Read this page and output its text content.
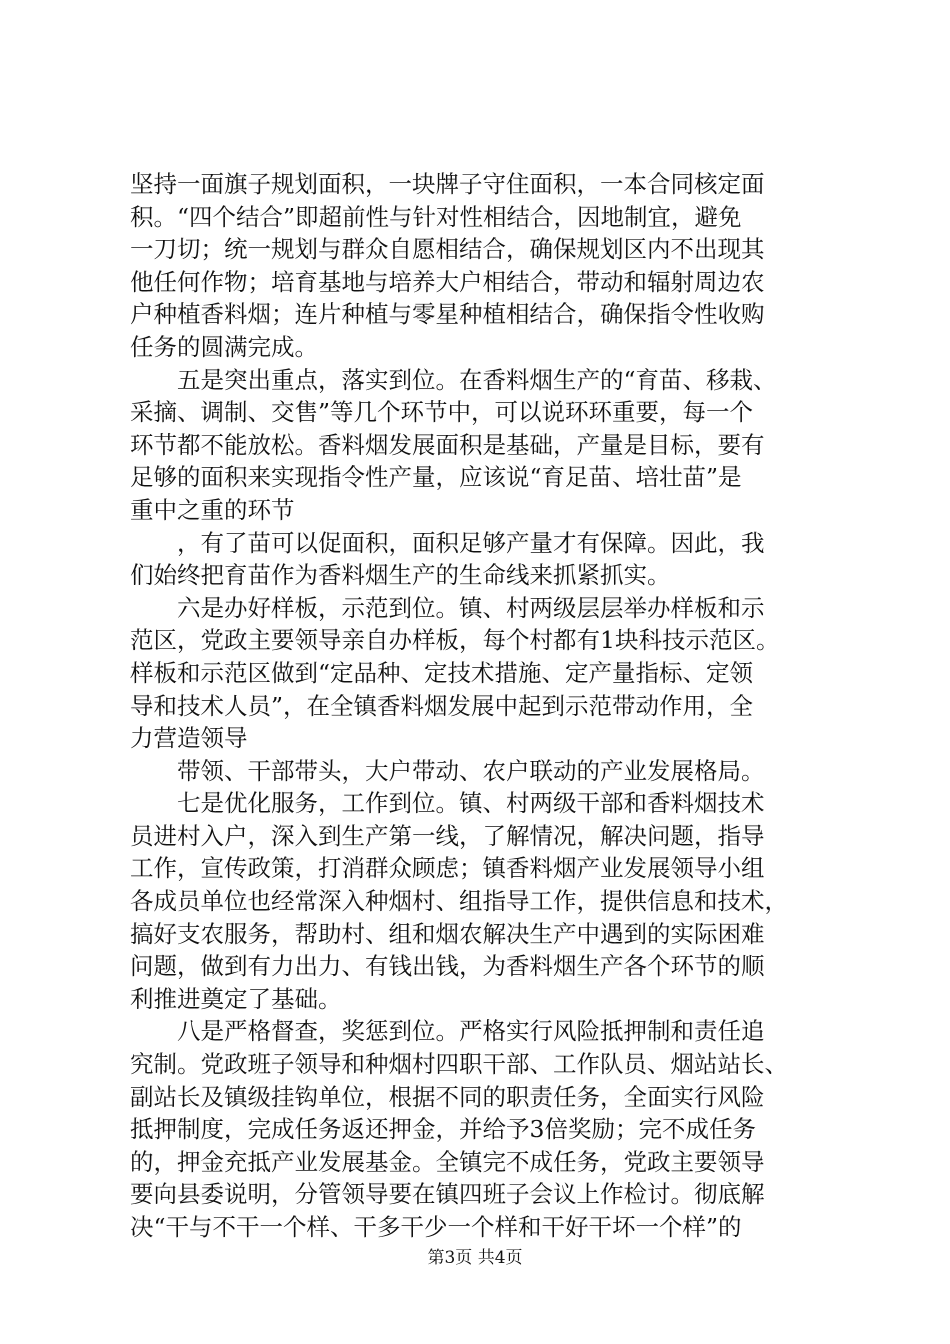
坚持一面旗子规划面积，一块牌子守住面积，一本合同核定面
积。“四个结合”即超前性与针对性相结合，因地制宜，避免
一刀切；统一规划与群众自愿相结合，确保规划区内不出现其
他任何作物；培育基地与培养大户相结合，带动和辐射周边农
户种植香料烟；连片种植与零星种植相结合，确保指令性收购
任务的圆满完成。
五是突出重点，落实到位。在香料烟生产的“育苗、移栽、
采摘、调制、交售”等几个环节中，可以说环环重要，每一个
环节都不能放松。香料烟发展面积是基础，产量是目标，要有
足够的面积来实现指令性产量，应该说“育足苗、培壮苗”是
重中之重的环节
，有了苗可以促面积，面积足够产量才有保障。因此，我
们始终把育苗作为香料烟生产的生命线来抓紧抓实。
六是办好样板，示范到位。镇、村两级层层举办样板和示
范区，党政主要领导亲自办样板，每个村都有1块科技示范区。
样板和示范区做到“定品种、定技术措施、定产量指标、定领
导和技术人员”，在全镇香料烟发展中起到示范带动作用，全
力营造领导
带领、干部带头，大户带动、农户联动的产业发展格局。
七是优化服务，工作到位。镇、村两级干部和香料烟技术
员进村入户，深入到生产第一线，了解情况，解决问题，指导
工作，宣传政策，打消群众顾虑；镇香料烟产业发展领导小组
各成员单位也经常深入种烟村、组指导工作，提供信息和技术，
搞好支农服务，帮助村、组和烟农解决生产中遇到的实际困难
问题，做到有力出力、有钱出钱，为香料烟生产各个环节的顺
利推进奠定了基础。
八是严格督查，奖惩到位。严格实行风险抵押制和责任追
究制。党政班子领导和种烟村四职干部、工作队员、烟站站长、
副站长及镇级挂钩单位，根据不同的职责任务，全面实行风险
抵押制度，完成任务返还押金，并给予3倍奖励；完不成任务
的，押金充抵产业发展基金。全镇完不成任务，党政主要领导
要向县委说明，分管领导要在镇四班子会议上作检讨。彻底解
决“干与不干一个样、干多干少一个样和干好干坏一个样”的
第3页 共4页
